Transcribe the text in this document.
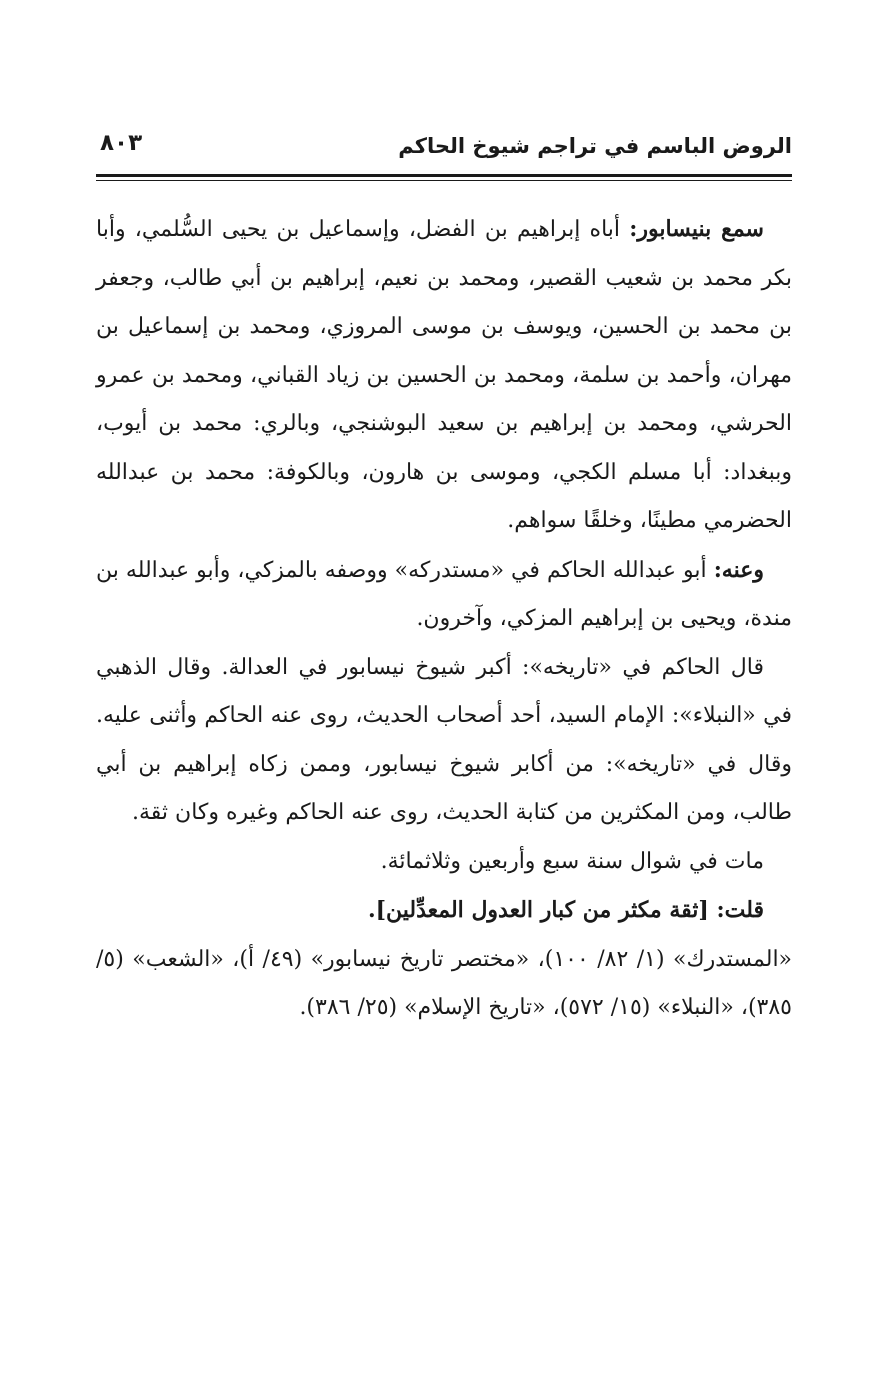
الروض الباسم في تراجم شيوخ الحاكم
٨٠٣

سمع بنيسابور: أباه إبراهيم بن الفضل، وإسماعيل بن يحيى السُّلمي، وأبا بكر محمد بن شعيب القصير، ومحمد بن نعيم، إبراهيم بن أبي طالب، وجعفر بن محمد بن الحسين، ويوسف بن موسى المروزي، ومحمد بن إسماعيل بن مهران، وأحمد بن سلمة، ومحمد بن الحسين بن زياد القباني، ومحمد بن عمرو الحرشي، ومحمد بن إبراهيم بن سعيد البوشنجي، وبالري: محمد بن أيوب، وببغداد: أبا مسلم الكجي، وموسى بن هارون، وبالكوفة: محمد بن عبدالله الحضرمي مطينًا، وخلقًا سواهم.

وعنه: أبو عبدالله الحاكم في «مستدركه» ووصفه بالمزكي، وأبو عبدالله بن مندة، ويحيى بن إبراهيم المزكي، وآخرون.

قال الحاكم في «تاريخه»: أكبر شيوخ نيسابور في العدالة. وقال الذهبي في «النبلاء»: الإمام السيد، أحد أصحاب الحديث، روى عنه الحاكم وأثنى عليه. وقال في «تاريخه»: من أكابر شيوخ نيسابور، وممن زكاه إبراهيم بن أبي طالب، ومن المكثرين من كتابة الحديث، روى عنه الحاكم وغيره وكان ثقة.

مات في شوال سنة سبع وأربعين وثلاثمائة.

قلت: [ثقة مكثر من كبار العدول المعدِّلين].

«المستدرك» (١/ ٨٢/ ١٠٠)، «مختصر تاريخ نيسابور» (٤٩/ أ)، «الشعب» (٥/ ٣٨٥)، «النبلاء» (١٥/ ٥٧٢)، «تاريخ الإسلام» (٢٥/ ٣٨٦).
